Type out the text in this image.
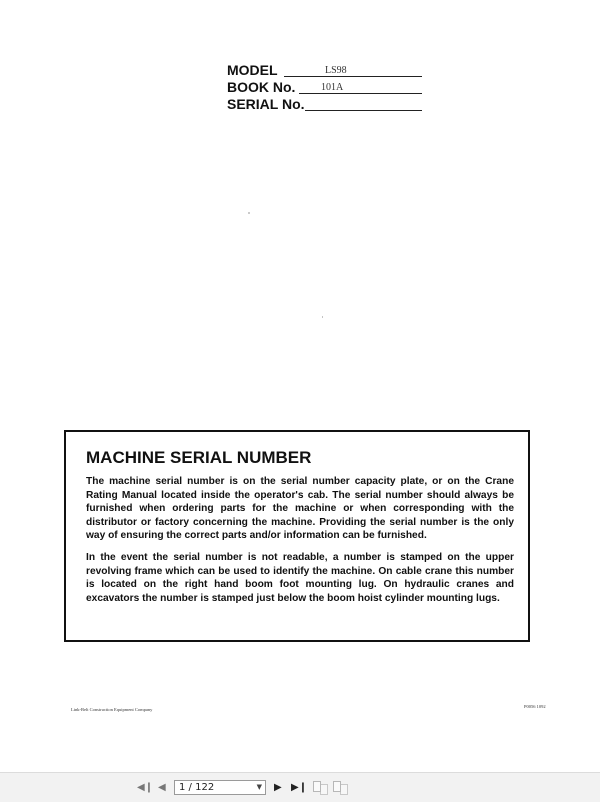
MODEL	LS98
BOOK No.	101A
SERIAL No.
MACHINE SERIAL NUMBER

The machine serial number is on the serial number capacity plate, or on the Crane Rating Manual located inside the operator's cab. The serial number should always be furnished when ordering parts for the machine or when corresponding with the distributor or factory concerning the machine. Providing the serial number is the only way of ensuring the correct parts and/or information can be furnished.

In the event the serial number is not readable, a number is stamped on the upper revolving frame which can be used to identify the machine. On cable crane this number is located on the right hand boom foot mounting lug. On hydraulic cranes and excavators the number is stamped just below the boom hoist cylinder mounting lugs.

Link-Belt Construction Equipment Company
P0056 1092
◀❙ ◀ 1 / 122	▼ ▶ ▶❙
